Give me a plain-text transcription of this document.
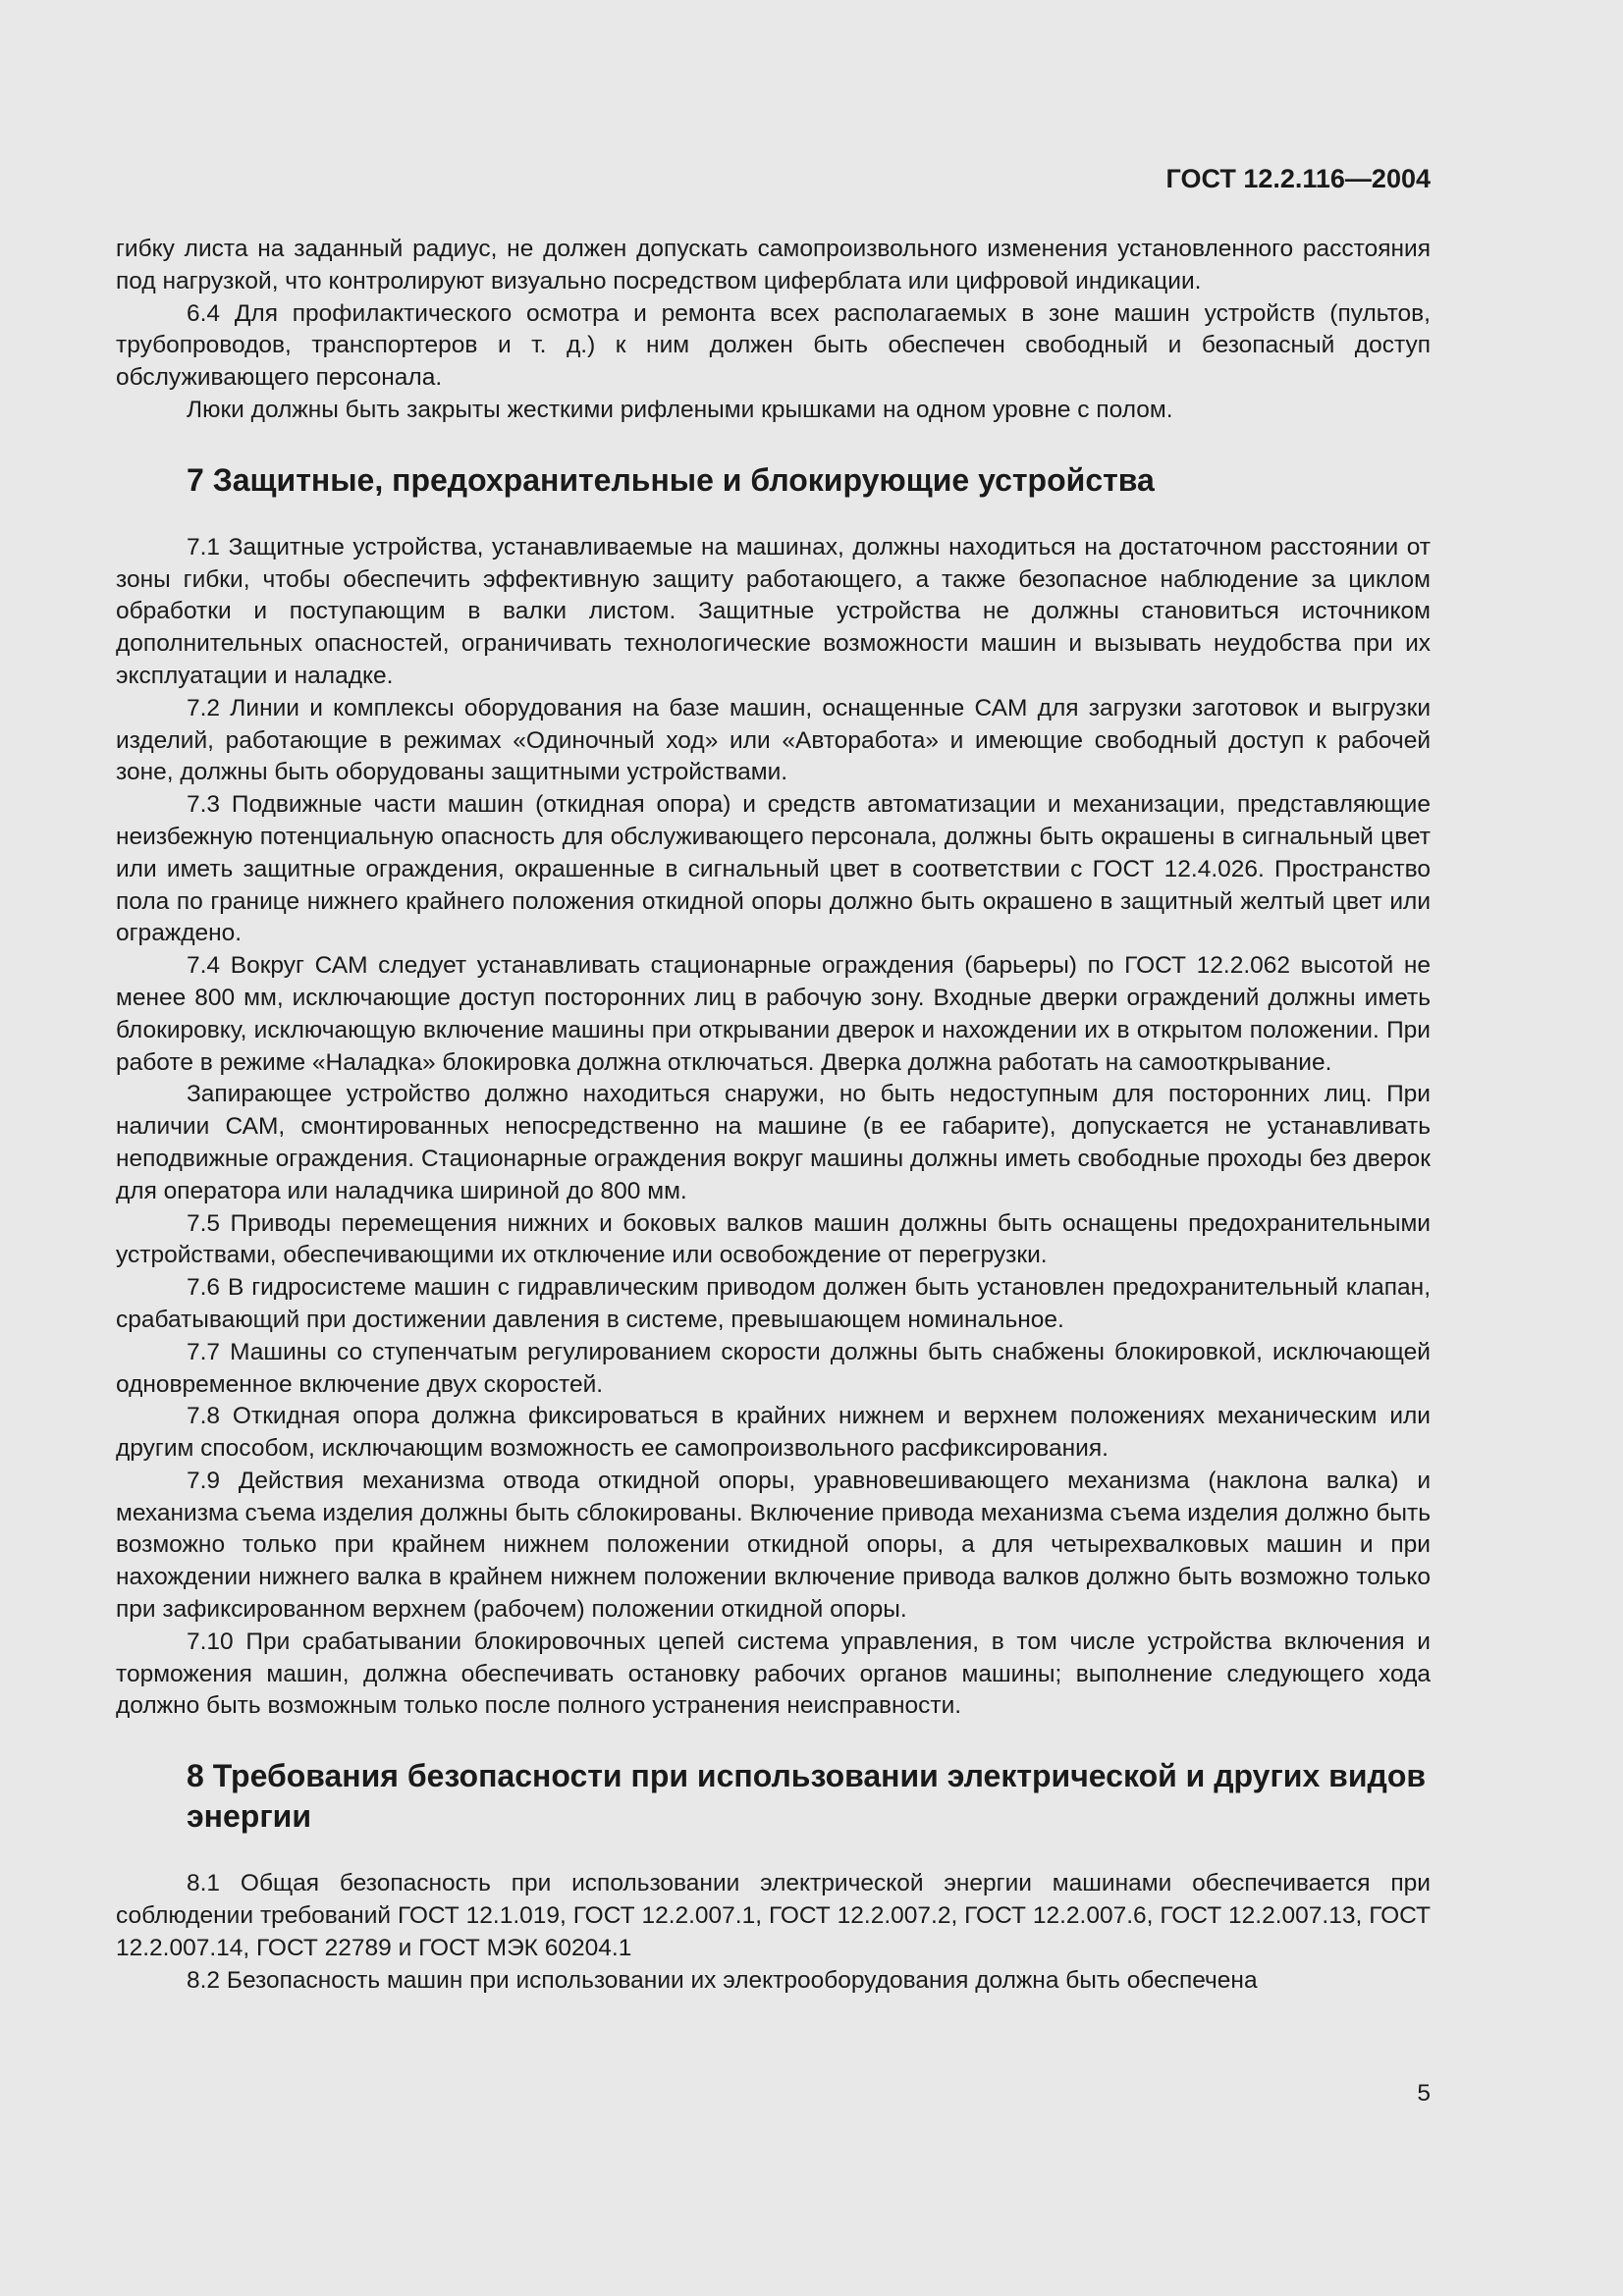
ГОСТ 12.2.116—2004

гибку листа на заданный радиус, не должен допускать самопроизвольного изменения установленного расстояния под нагрузкой, что контролируют визуально посредством циферблата или цифровой индикации.

6.4 Для профилактического осмотра и ремонта всех располагаемых в зоне машин устройств (пультов, трубопроводов, транспортеров и т. д.) к ним должен быть обеспечен свободный и безопасный доступ обслуживающего персонала.

Люки должны быть закрыты жесткими рифлеными крышками на одном уровне с полом.

7 Защитные, предохранительные и блокирующие устройства

7.1 Защитные устройства, устанавливаемые на машинах, должны находиться на достаточном расстоянии от зоны гибки, чтобы обеспечить эффективную защиту работающего, а также безопасное наблюдение за циклом обработки и поступающим в валки листом. Защитные устройства не должны становиться источником дополнительных опасностей, ограничивать технологические возможности машин и вызывать неудобства при их эксплуатации и наладке.

7.2 Линии и комплексы оборудования на базе машин, оснащенные САМ для загрузки заготовок и выгрузки изделий, работающие в режимах «Одиночный ход» или «Авторабота» и имеющие свободный доступ к рабочей зоне, должны быть оборудованы защитными устройствами.

7.3 Подвижные части машин (откидная опора) и средств автоматизации и механизации, представляющие неизбежную потенциальную опасность для обслуживающего персонала, должны быть окрашены в сигнальный цвет или иметь защитные ограждения, окрашенные в сигнальный цвет в соответствии с ГОСТ 12.4.026. Пространство пола по границе нижнего крайнего положения откидной опоры должно быть окрашено в защитный желтый цвет или ограждено.

7.4 Вокруг САМ следует устанавливать стационарные ограждения (барьеры) по ГОСТ 12.2.062 высотой не менее 800 мм, исключающие доступ посторонних лиц в рабочую зону. Входные дверки ограждений должны иметь блокировку, исключающую включение машины при открывании дверок и нахождении их в открытом положении. При работе в режиме «Наладка» блокировка должна отключаться. Дверка должна работать на самооткрывание.

Запирающее устройство должно находиться снаружи, но быть недоступным для посторонних лиц. При наличии САМ, смонтированных непосредственно на машине (в ее габарите), допускается не устанавливать неподвижные ограждения. Стационарные ограждения вокруг машины должны иметь свободные проходы без дверок для оператора или наладчика шириной до 800 мм.

7.5 Приводы перемещения нижних и боковых валков машин должны быть оснащены предохранительными устройствами, обеспечивающими их отключение или освобождение от перегрузки.

7.6 В гидросистеме машин с гидравлическим приводом должен быть установлен предохранительный клапан, срабатывающий при достижении давления в системе, превышающем номинальное.

7.7 Машины со ступенчатым регулированием скорости должны быть снабжены блокировкой, исключающей одновременное включение двух скоростей.

7.8 Откидная опора должна фиксироваться в крайних нижнем и верхнем положениях механическим или другим способом, исключающим возможность ее самопроизвольного расфиксирования.

7.9 Действия механизма отвода откидной опоры, уравновешивающего механизма (наклона валка) и механизма съема изделия должны быть сблокированы. Включение привода механизма съема изделия должно быть возможно только при крайнем нижнем положении откидной опоры, а для четырехвалковых машин и при нахождении нижнего валка в крайнем нижнем положении включение привода валков должно быть возможно только при зафиксированном верхнем (рабочем) положении откидной опоры.

7.10 При срабатывании блокировочных цепей система управления, в том числе устройства включения и торможения машин, должна обеспечивать остановку рабочих органов машины; выполнение следующего хода должно быть возможным только после полного устранения неисправности.

8 Требования безопасности при использовании электрической и других видов энергии

8.1 Общая безопасность при использовании электрической энергии машинами обеспечивается при соблюдении требований ГОСТ 12.1.019, ГОСТ 12.2.007.1, ГОСТ 12.2.007.2, ГОСТ 12.2.007.6, ГОСТ 12.2.007.13, ГОСТ 12.2.007.14, ГОСТ 22789 и ГОСТ МЭК 60204.1

8.2 Безопасность машин при использовании их электрооборудования должна быть обеспечена

5
